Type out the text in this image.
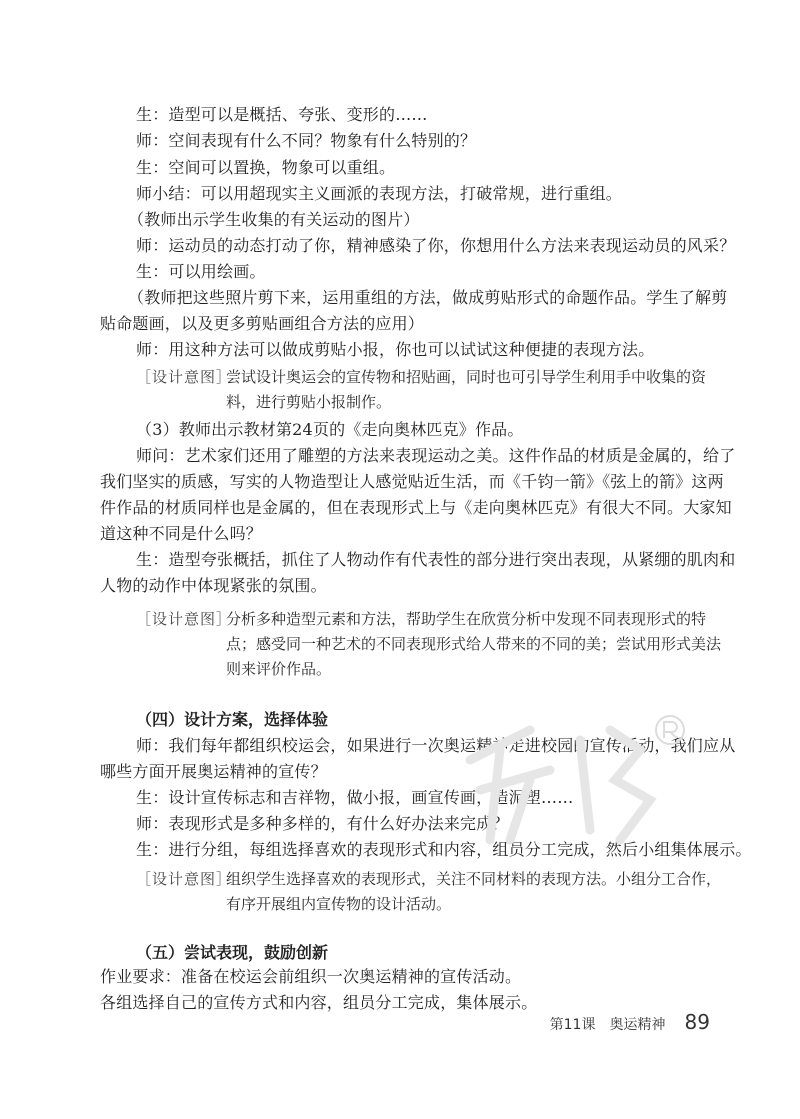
生：造型可以是概括、夸张、变形的……
师：空间表现有什么不同？物象有什么特别的？
生：空间可以置换，物象可以重组。
师小结：可以用超现实主义画派的表现方法，打破常规，进行重组。
（教师出示学生收集的有关运动的图片）
师：运动员的动态打动了你，精神感染了你，你想用什么方法来表现运动员的风采？
生：可以用绘画。
（教师把这些照片剪下来，运用重组的方法，做成剪贴形式的命题作品。学生了解剪
贴命题画，以及更多剪贴画组合方法的应用）
师：用这种方法可以做成剪贴小报，你也可以试试这种便捷的表现方法。
［设计意图］
尝试设计奥运会的宣传物和招贴画，同时也可引导学生利用手中收集的资
料，进行剪贴小报制作。
（3）教师出示教材第24页的《走向奥林匹克》作品。
师问：艺术家们还用了雕塑的方法来表现运动之美。这件作品的材质是金属的，给了
我们坚实的质感，写实的人物造型让人感觉贴近生活，而《千钧一箭》《弦上的箭》这两
件作品的材质同样也是金属的，但在表现形式上与《走向奥林匹克》有很大不同。大家知
道这种不同是什么吗？
生：造型夸张概括，抓住了人物动作有代表性的部分进行突出表现，从紧绷的肌肉和
人物的动作中体现紧张的氛围。
［设计意图］
分析多种造型元素和方法，帮助学生在欣赏分析中发现不同表现形式的特
点；感受同一种艺术的不同表现形式给人带来的不同的美；尝试用形式美法
则来评价作品。
（四）设计方案，选择体验
师：我们每年都组织校运会，如果进行一次奥运精神走进校园的宣传活动，我们应从
哪些方面开展奥运精神的宣传？
生：设计宣传标志和吉祥物，做小报，画宣传画，造泥塑……
师：表现形式是多种多样的，有什么好办法来完成？
生：进行分组，每组选择喜欢的表现形式和内容，组员分工完成，然后小组集体展示。
［设计意图］
组织学生选择喜欢的表现形式，关注不同材料的表现方法。小组分工合作，
有序开展组内宣传物的设计活动。
（五）尝试表现，鼓励创新
作业要求：准备在校运会前组织一次奥运精神的宣传活动。
各组选择自己的宣传方式和内容，组员分工完成，集体展示。
第11课　奥运精神 89
